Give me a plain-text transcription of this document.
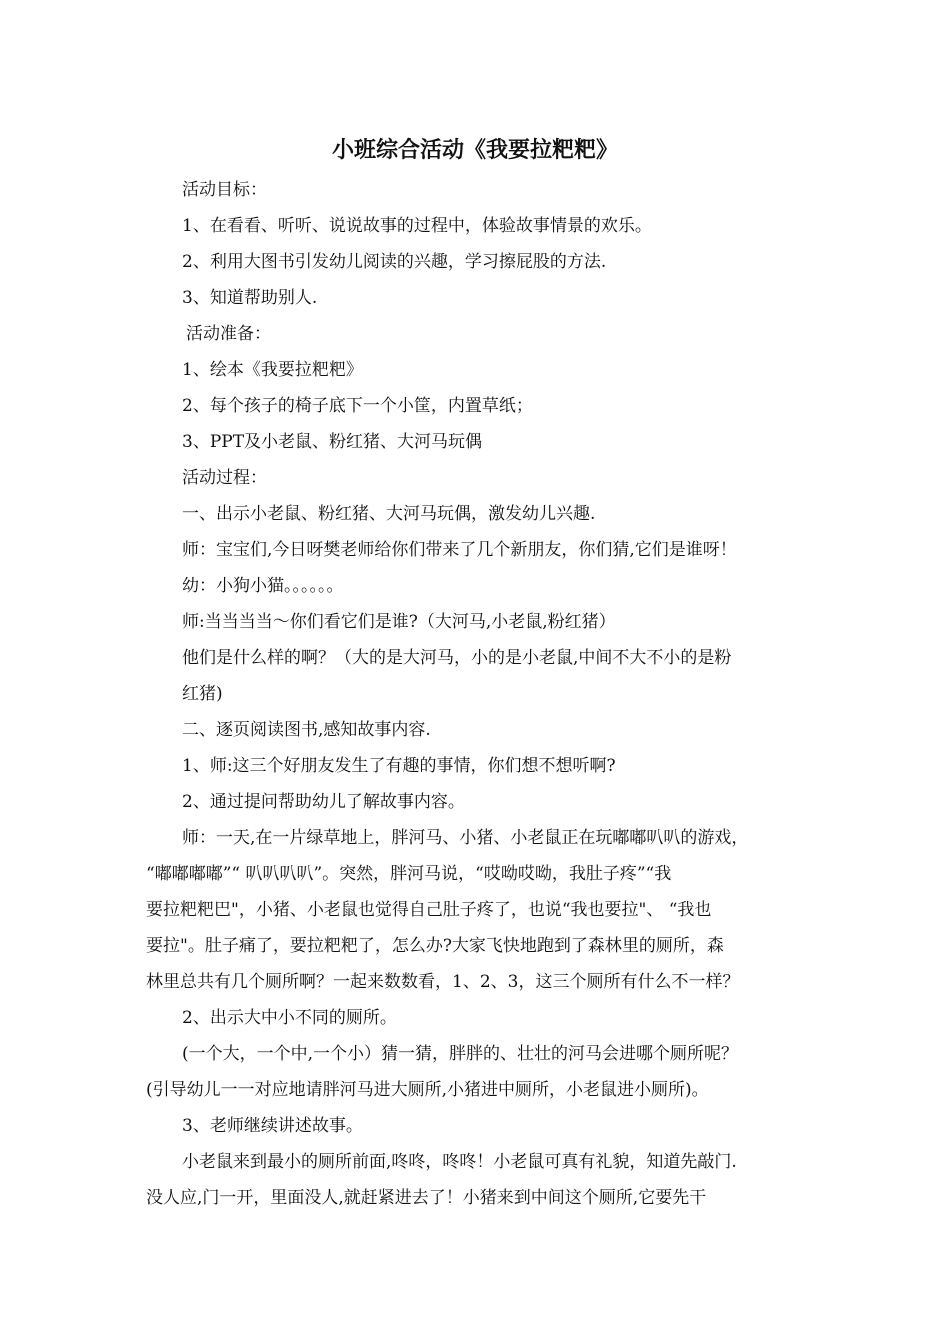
小班综合活动《我要拉粑粑》
活动目标：
1、在看看、听听、说说故事的过程中，体验故事情景的欢乐。
2、利用大图书引发幼儿阅读的兴趣，学习擦屁股的方法.
3、知道帮助别人.
活动准备：
1、绘本《我要拉粑粑》
2、每个孩子的椅子底下一个小筐，内置草纸；
3、PPT及小老鼠、粉红猪、大河马玩偶
活动过程：
一、出示小老鼠、粉红猪、大河马玩偶，激发幼儿兴趣.
师：宝宝们,今日呀樊老师给你们带来了几个新朋友，你们猜,它们是谁呀！
幼：小狗小猫。。。。。。
师:当当当当～你们看它们是谁?（大河马,小老鼠,粉红猪）
他们是什么样的啊？（大的是大河马，小的是小老鼠,中间不大不小的是粉
红猪)
二、逐页阅读图书,感知故事内容.
1、师:这三个好朋友发生了有趣的事情，你们想不想听啊?
2、通过提问帮助幼儿了解故事内容。
师：一天,在一片绿草地上，胖河马、小猪、小老鼠正在玩嘟嘟叭叭的游戏，
“嘟嘟嘟嘟”“ 叭叭叭叭”。突然，胖河马说，“哎呦哎呦，我肚子疼”“我
要拉粑粑巴"，小猪、小老鼠也觉得自己肚子疼了，也说“我也要拉"、 “我也
要拉"。肚子痛了，要拉粑粑了，怎么办?大家飞快地跑到了森林里的厕所，森
林里总共有几个厕所啊？一起来数数看，1、2、3，这三个厕所有什么不一样？
2、出示大中小不同的厕所。
(一个大，一个中,一个小）猜一猜，胖胖的、壮壮的河马会进哪个厕所呢？
(引导幼儿一一对应地请胖河马进大厕所,小猪进中厕所，小老鼠进小厕所)。
3、老师继续讲述故事。
小老鼠来到最小的厕所前面,咚咚，咚咚！小老鼠可真有礼貌，知道先敲门.
没人应,门一开，里面没人,就赶紧进去了！小猪来到中间这个厕所,它要先干
